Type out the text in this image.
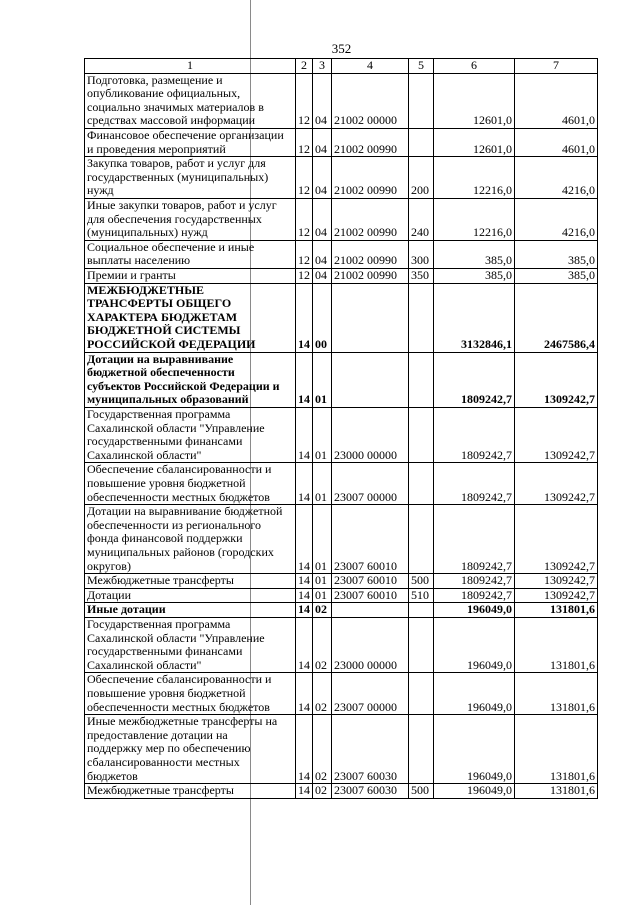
352
1	2	3	4	5	6	7

Подготовка, размещение и
опубликование официальных,
социально значимых материалов в
средствах массовой информации	12	04	21002 00000		12601,0	4601,0

Финансовое обеспечение организации
и проведения мероприятий	12	04	21002 00990		12601,0	4601,0

Закупка товаров, работ и услуг для
государственных (муниципальных)
нужд	12	04	21002 00990	200	12216,0	4216,0

Иные закупки товаров, работ и услуг
для обеспечения государственных
(муниципальных) нужд	12	04	21002 00990	240	12216,0	4216,0

Социальное обеспечение и иные
выплаты населению	12	04	21002 00990	300	385,0	385,0

Премии и гранты	12	04	21002 00990	350	385,0	385,0

МЕЖБЮДЖЕТНЫЕ
ТРАНСФЕРТЫ ОБЩЕГО
ХАРАКТЕРА БЮДЖЕТАМ
БЮДЖЕТНОЙ СИСТЕМЫ
РОССИЙСКОЙ ФЕДЕРАЦИИ	14	00			3132846,1	2467586,4

Дотации на выравнивание
бюджетной обеспеченности
субъектов Российской Федерации и
муниципальных образований	14	01			1809242,7	1309242,7

Государственная программа
Сахалинской области "Управление
государственными финансами
Сахалинской области"	14	01	23000 00000		1809242,7	1309242,7

Обеспечение сбалансированности и
повышение уровня бюджетной
обеспеченности местных бюджетов	14	01	23007 00000		1809242,7	1309242,7

Дотации на выравнивание бюджетной
обеспеченности из регионального
фонда финансовой поддержки
муниципальных районов (городских
округов)	14	01	23007 60010		1809242,7	1309242,7

Межбюджетные трансферты	14	01	23007 60010	500	1809242,7	1309242,7

Дотации	14	01	23007 60010	510	1809242,7	1309242,7

Иные дотации	14	02			196049,0	131801,6

Государственная программа
Сахалинской области "Управление
государственными финансами
Сахалинской области"	14	02	23000 00000		196049,0	131801,6

Обеспечение сбалансированности и
повышение уровня бюджетной
обеспеченности местных бюджетов	14	02	23007 00000		196049,0	131801,6

Иные межбюджетные трансферты на
предоставление дотации на
поддержку мер по обеспечению
сбалансированности местных
бюджетов	14	02	23007 60030		196049,0	131801,6

Межбюджетные трансферты	14	02	23007 60030	500	196049,0	131801,6
